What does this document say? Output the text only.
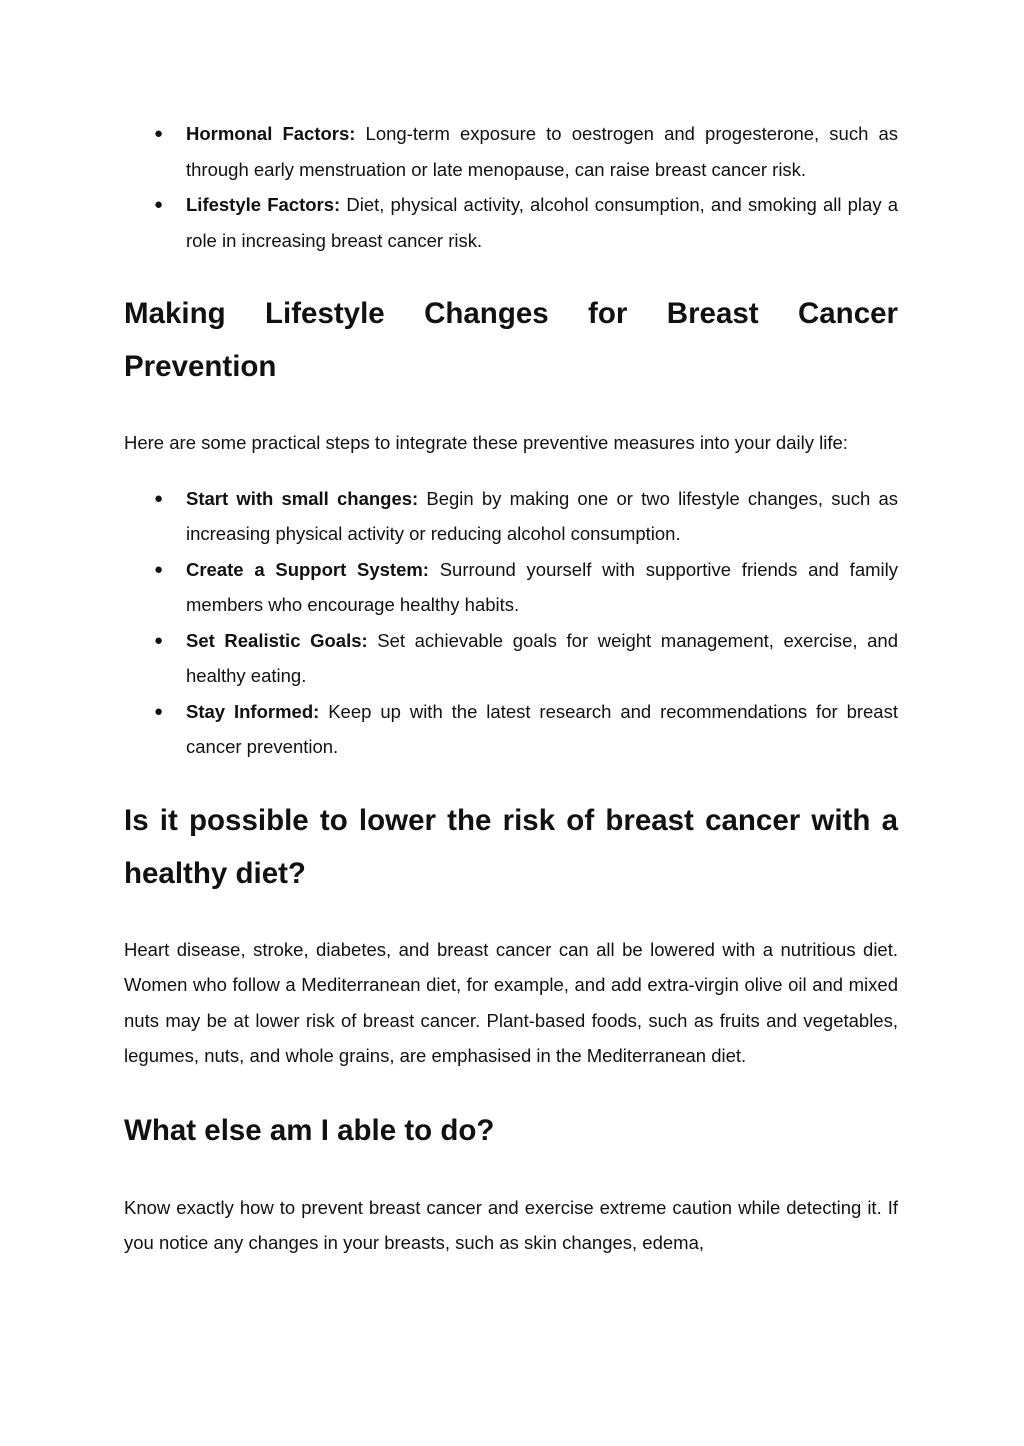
● Hormonal Factors: Long-term exposure to oestrogen and progesterone, such as through early menstruation or late menopause, can raise breast cancer risk.
● Lifestyle Factors: Diet, physical activity, alcohol consumption, and smoking all play a role in increasing breast cancer risk.
Making Lifestyle Changes for Breast Cancer Prevention

Here are some practical steps to integrate these preventive measures into your daily life:

● Start with small changes: Begin by making one or two lifestyle changes, such as increasing physical activity or reducing alcohol consumption.
● Create a Support System: Surround yourself with supportive friends and family members who encourage healthy habits.
● Set Realistic Goals: Set achievable goals for weight management, exercise, and healthy eating.
● Stay Informed: Keep up with the latest research and recommendations for breast cancer prevention.
Is it possible to lower the risk of breast cancer with a healthy diet?

Heart disease, stroke, diabetes, and breast cancer can all be lowered with a nutritious diet. Women who follow a Mediterranean diet, for example, and add extra-virgin olive oil and mixed nuts may be at lower risk of breast cancer. Plant-based foods, such as fruits and vegetables, legumes, nuts, and whole grains, are emphasised in the Mediterranean diet.

What else am I able to do?

Know exactly how to prevent breast cancer and exercise extreme caution while detecting it. If you notice any changes in your breasts, such as skin changes, edema,
